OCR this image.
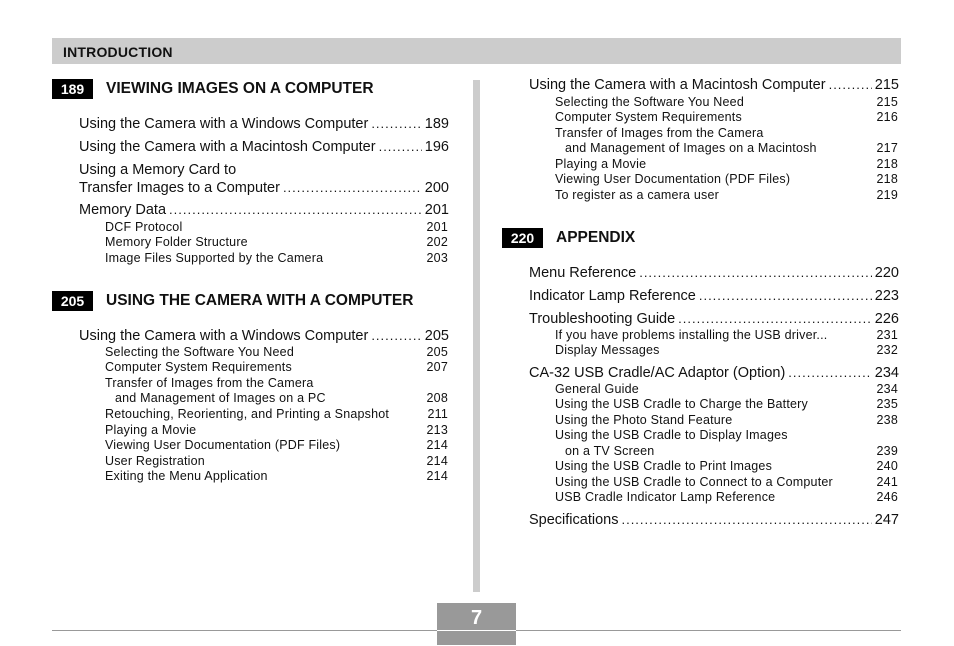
INTRODUCTION
189	VIEWING IMAGES ON A COMPUTER
Using the Camera with a Windows Computer .....	189
Using the Camera with a Macintosh Computer .....	196
Using a Memory Card to
Transfer Images to a Computer .....	200
Memory Data .....	201
DCF Protocol	201
Memory Folder Structure	202
Image Files Supported by the Camera	203
205	USING THE CAMERA WITH A COMPUTER
Using the Camera with a Windows Computer .....	205
Selecting the Software You Need	205
Computer System Requirements	207
Transfer of Images from the Camera
and Management of Images on a PC	208
Retouching, Reorienting, and Printing a Snapshot	211
Playing a Movie	213
Viewing User Documentation (PDF Files)	214
User Registration	214
Exiting the Menu Application	214
Using the Camera with a Macintosh Computer .....	215
Selecting the Software You Need	215
Computer System Requirements	216
Transfer of Images from the Camera
and Management of Images on a Macintosh	217
Playing a Movie	218
Viewing User Documentation (PDF Files)	218
To register as a camera user	219
220	APPENDIX
Menu Reference .....	220
Indicator Lamp Reference .....	223
Troubleshooting Guide .....	226
If you have problems installing the USB driver...	231
Display Messages	232
CA-32 USB Cradle/AC Adaptor (Option) .....	234
General Guide	234
Using the USB Cradle to Charge the Battery	235
Using the Photo Stand Feature	238
Using the USB Cradle to Display Images
on a TV Screen	239
Using the USB Cradle to Print Images	240
Using the USB Cradle to Connect to a Computer	241
USB Cradle Indicator Lamp Reference	246
Specifications .....	247
7
